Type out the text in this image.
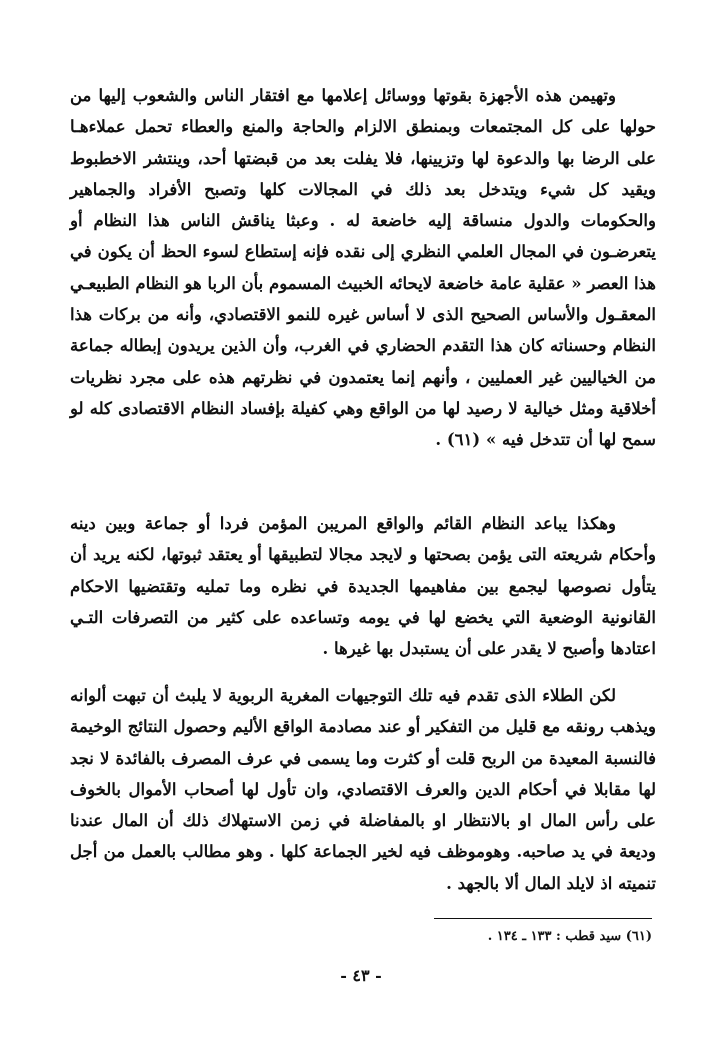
وتهيمن هذه الأجهزة بقوتها ووسائل إعلامها مع افتقار الناس والشعوب إليها من حولها على كل المجتمعات وبمنطق الالزام والحاجة والمنع والعطاء تحمل عملاءهـا على الرضا بها والدعوة لها وتزيينها، فلا يفلت بعد من قبضتها أحد، وينتشر الاخطبوط ويقيد كل شيء ويتدخل بعد ذلك في المجالات كلها وتصبح الأفراد والجماهير والحكومات والدول منساقة إليه خاضعة له . وعبثا يناقش الناس هذا النظام أو يتعرضـون في المجال العلمي النظري إلى نقده فإنه إستطاع لسوء الحظ أن يكون في هذا العصر « عقلية عامة خاضعة لايحائه الخبيث المسموم بأن الربا هو النظام الطبيعـي المعقـول والأساس الصحيح الذى لا أساس غيره للنمو الاقتصادي، وأنه من بركات هذا النظام وحسناته كان هذا التقدم الحضاري في الغرب، وأن الذين يريدون إبطاله جماعة من الخياليين غير العمليين ، وأنهم إنما يعتمدون في نظرتهم هذه على مجرد نظريات أخلاقية ومثل خيالية لا رصيد لها من الواقع وهي كفيلة بإفساد النظام الاقتصادى كله لو سمح لها أن تتدخل فيه » (٦١) .

وهكذا يباعد النظام القائم والواقع المريبن المؤمن فردا أو جماعة وبين دينه وأحكام شريعته التى يؤمن بصحتها و لايجد مجالا لتطبيقها أو يعتقد ثبوتها، لكنه يريد أن يتأول نصوصها ليجمع بين مفاهيمها الجديدة في نظره وما تمليه وتقتضيها الاحكام القانونية الوضعية التي يخضع لها في يومه وتساعده على كثير من التصرفات التـي اعتادها وأصبح لا يقدر على أن يستبدل بها غيرها .

لكن الطلاء الذى تقدم فيه تلك التوجيهات المغرية الربوية لا يلبث أن تبهت ألوانه ويذهب رونقه مع قليل من التفكير أو عند مصادمة الواقع الأليم وحصول النتائج الوخيمة فالنسبة المعيدة من الربح قلت أو كثرت وما يسمى في عرف المصرف بالفائدة لا نجد لها مقابلا في أحكام الدين والعرف الاقتصادي، وان تأول لها أصحاب الأموال بالخوف على رأس المال او بالانتظار او بالمفاضلة في زمن الاستهلاك ذلك أن المال عندنا وديعة في يد صاحبه. وهوموظف فيه لخير الجماعة كلها . وهو مطالب بالعمل من أجل تنميته اذ لايلد المال ألا بالجهد .

(٦١) سيد قطب : ١٣٣ ـ ١٣٤ .

- ٤٣ -
